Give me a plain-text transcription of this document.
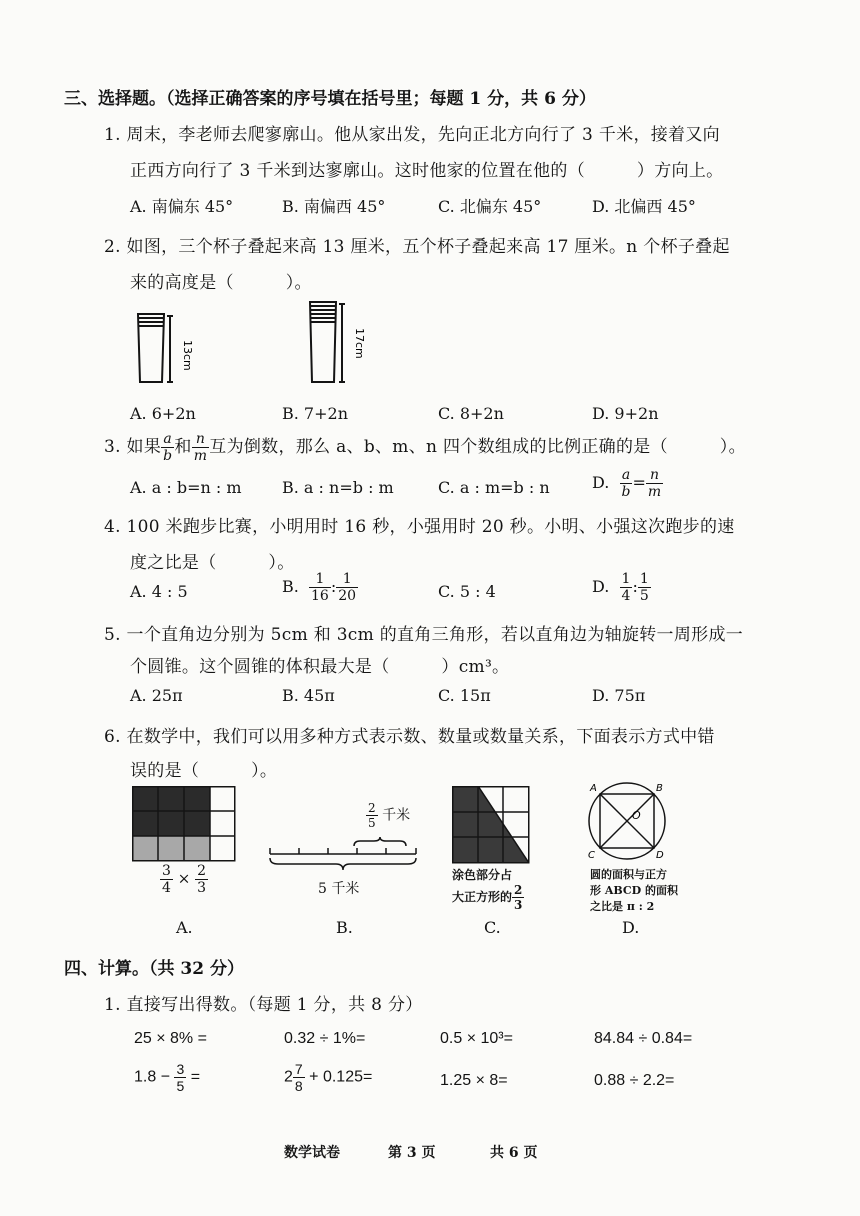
三、选择题。（选择正确答案的序号填在括号里；每题 1 分，共 6 分）
1. 周末，李老师去爬寥廓山。他从家出发，先向正北方向行了 3 千米，接着又向
正西方向行了 3 千米到达寥廓山。这时他家的位置在他的（　　　）方向上。
A. 南偏东 45°	B. 南偏西 45°	C. 北偏东 45°	D. 北偏西 45°
2. 如图，三个杯子叠起来高 13 厘米，五个杯子叠起来高 17 厘米。n 个杯子叠起
来的高度是（　　　）。
13cm	17cm
A. 6+2n	B. 7+2n	C. 8+2n	D. 9+2n
3. 如果 $\frac{a}{b}$ 和 $\frac{n}{m}$ 互为倒数，那么 a、b、m、n 四个数组成的比例正确的是（　　　）。
A. a : b=n : m	B. a : n=b : m	C. a : m=b : n	D. $\frac{a}{b} = \frac{n}{m}$
4. 100 米跑步比赛，小明用时 16 秒，小强用时 20 秒。小明、小强这次跑步的速
度之比是（　　　）。
A. 4 : 5	B. $\frac{1}{16}$ : $\frac{1}{20}$	C. 5 : 4	D. $\frac{1}{4}$ : $\frac{1}{5}$
5. 一个直角边分别为 5cm 和 3cm 的直角三角形，若以直角边为轴旋转一周形成一
个圆锥。这个圆锥的体积最大是（　　　）cm³。
A. 25π	B. 45π	C. 15π	D. 75π
6. 在数学中，我们可以用多种方式表示数、数量或数量关系，下面表示方式中错
误的是（　　　）。
$\frac{3}{4} \times \frac{2}{3}$
A.
$\frac{2}{5}$ 千米
5 千米
B.
涂色部分占
大正方形的 $\frac{2}{3}$
C.
A	B
C	D
O
圆的面积与正方
形 ABCD 的面积
之比是 π : 2
D.
四、计算。（共 32 分）
1. 直接写出得数。（每题 1 分，共 8 分）
25 × 8% =	0.32 ÷ 1%=	0.5 × 10³=	84.84 ÷ 0.84=
$1.8 - \frac{3}{5}$ =	$2 \frac{7}{8} + 0.125=$	1.25 × 8=	0.88 ÷ 2.2=
数学试卷	第 3 页	共 6 页
